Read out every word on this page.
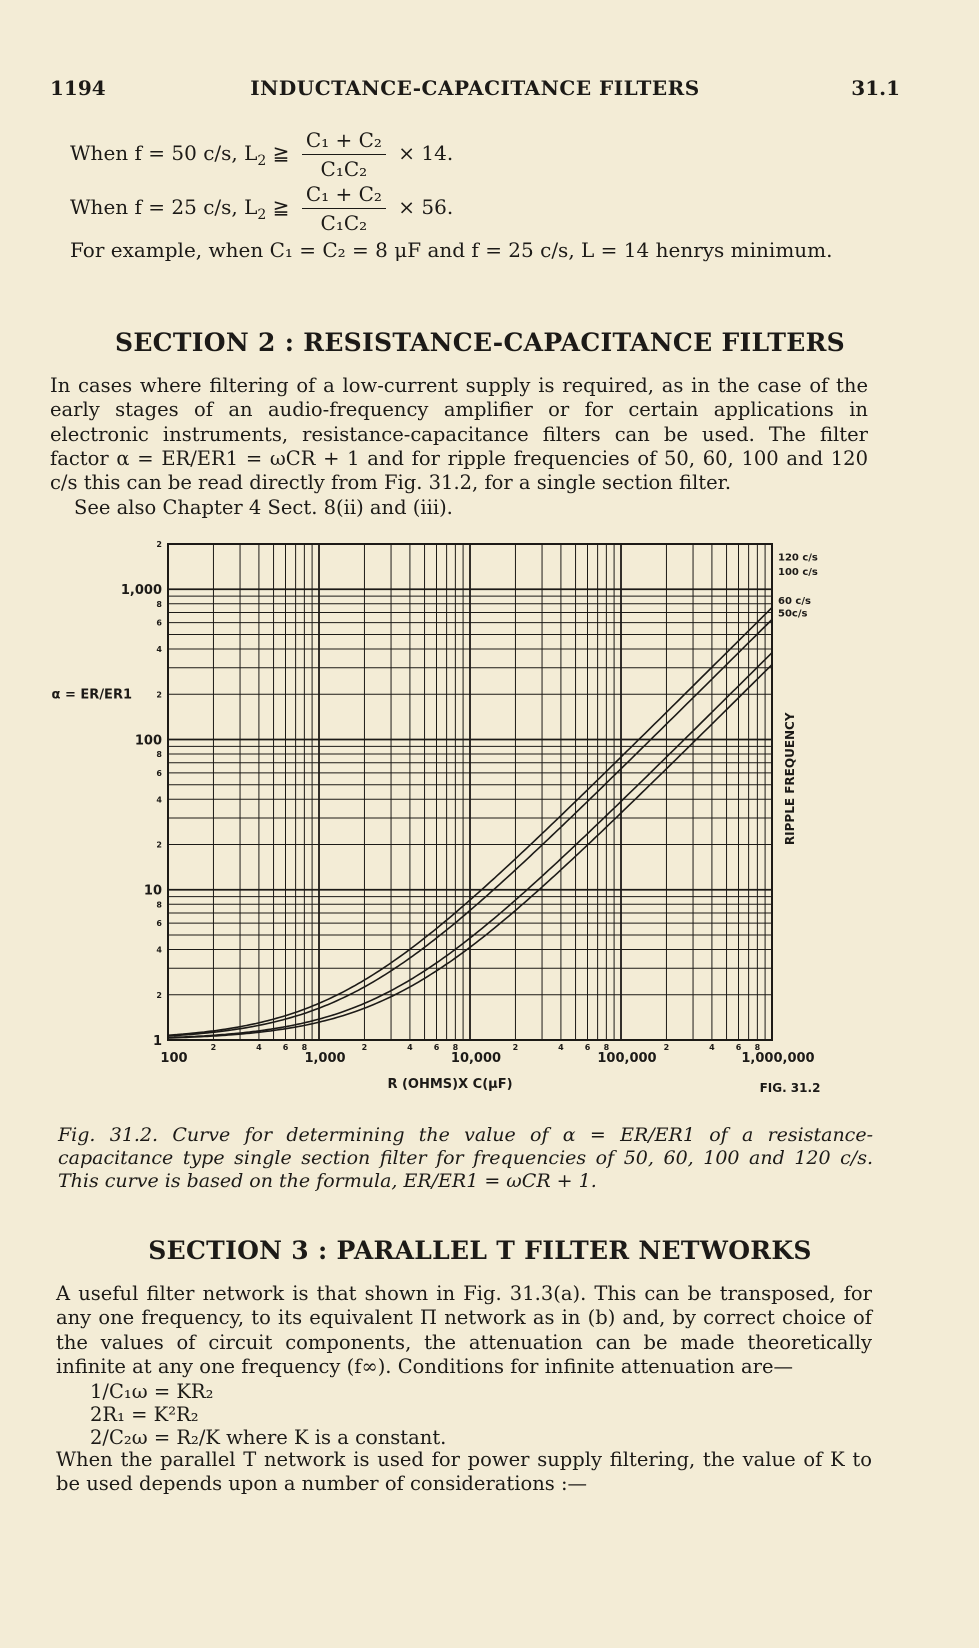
1194	INDUCTANCE-CAPACITANCE FILTERS	31.1
When f = 50 c/s, $L_2$ ≧ $\frac{\text{C₁ + C₂}}{\text{C₁C₂}} \times 14$.
When f = 25 c/s, $L_2$ ≧ $\frac{\text{C₁ + C₂}}{\text{C₁C₂}} \times 56$.
For example, when C₁ = C₂ = 8 μF and f = 25 c/s, L = 14 henrys minimum.
SECTION 2 : RESISTANCE-CAPACITANCE FILTERS
In cases where filtering of a low-current supply is required, as in the case of the early stages of an audio-frequency amplifier or for certain applications in electronic instruments, resistance-capacitance filters can be used. The filter factor α = ER/ER1 = ωCR + 1 and for ripple frequencies of 50, 60, 100 and 120 c/s this can be read directly from Fig. 31.2, for a single section filter.
See also Chapter 4 Sect. 8(ii) and (iii).
100	1,000	10,000	100,000	1,000,000
2	4	6 8	2	4	6 8	2	4	6 8	2	4	6 8
1
10
100
1,000
2
4
6
8
2
4
6
8
2
4
6
8
2
R (OHMS)X C(μF)
α = ER/ER1
FIG. 31.2
RIPPLE FREQUENCY
50c/s
60 c/s
100 c/s
120 c/s
Fig. 31.2. Curve for determining the value of α = ER/ER1 of a resistance-capacitance type single section filter for frequencies of 50, 60, 100 and 120 c/s. This curve is based on the formula, ER/ER1 = ωCR + 1.
SECTION 3 : PARALLEL T FILTER NETWORKS
A useful filter network is that shown in Fig. 31.3(a). This can be transposed, for any one frequency, to its equivalent Π network as in (b) and, by correct choice of the values of circuit components, the attenuation can be made theoretically infinite at any one frequency (f∞). Conditions for infinite attenuation are—
1/C₁ω = KR₂
2R₁ = K²R₂
2/C₂ω = R₂/K where K is a constant.
When the parallel T network is used for power supply filtering, the value of K to be used depends upon a number of considerations :—
